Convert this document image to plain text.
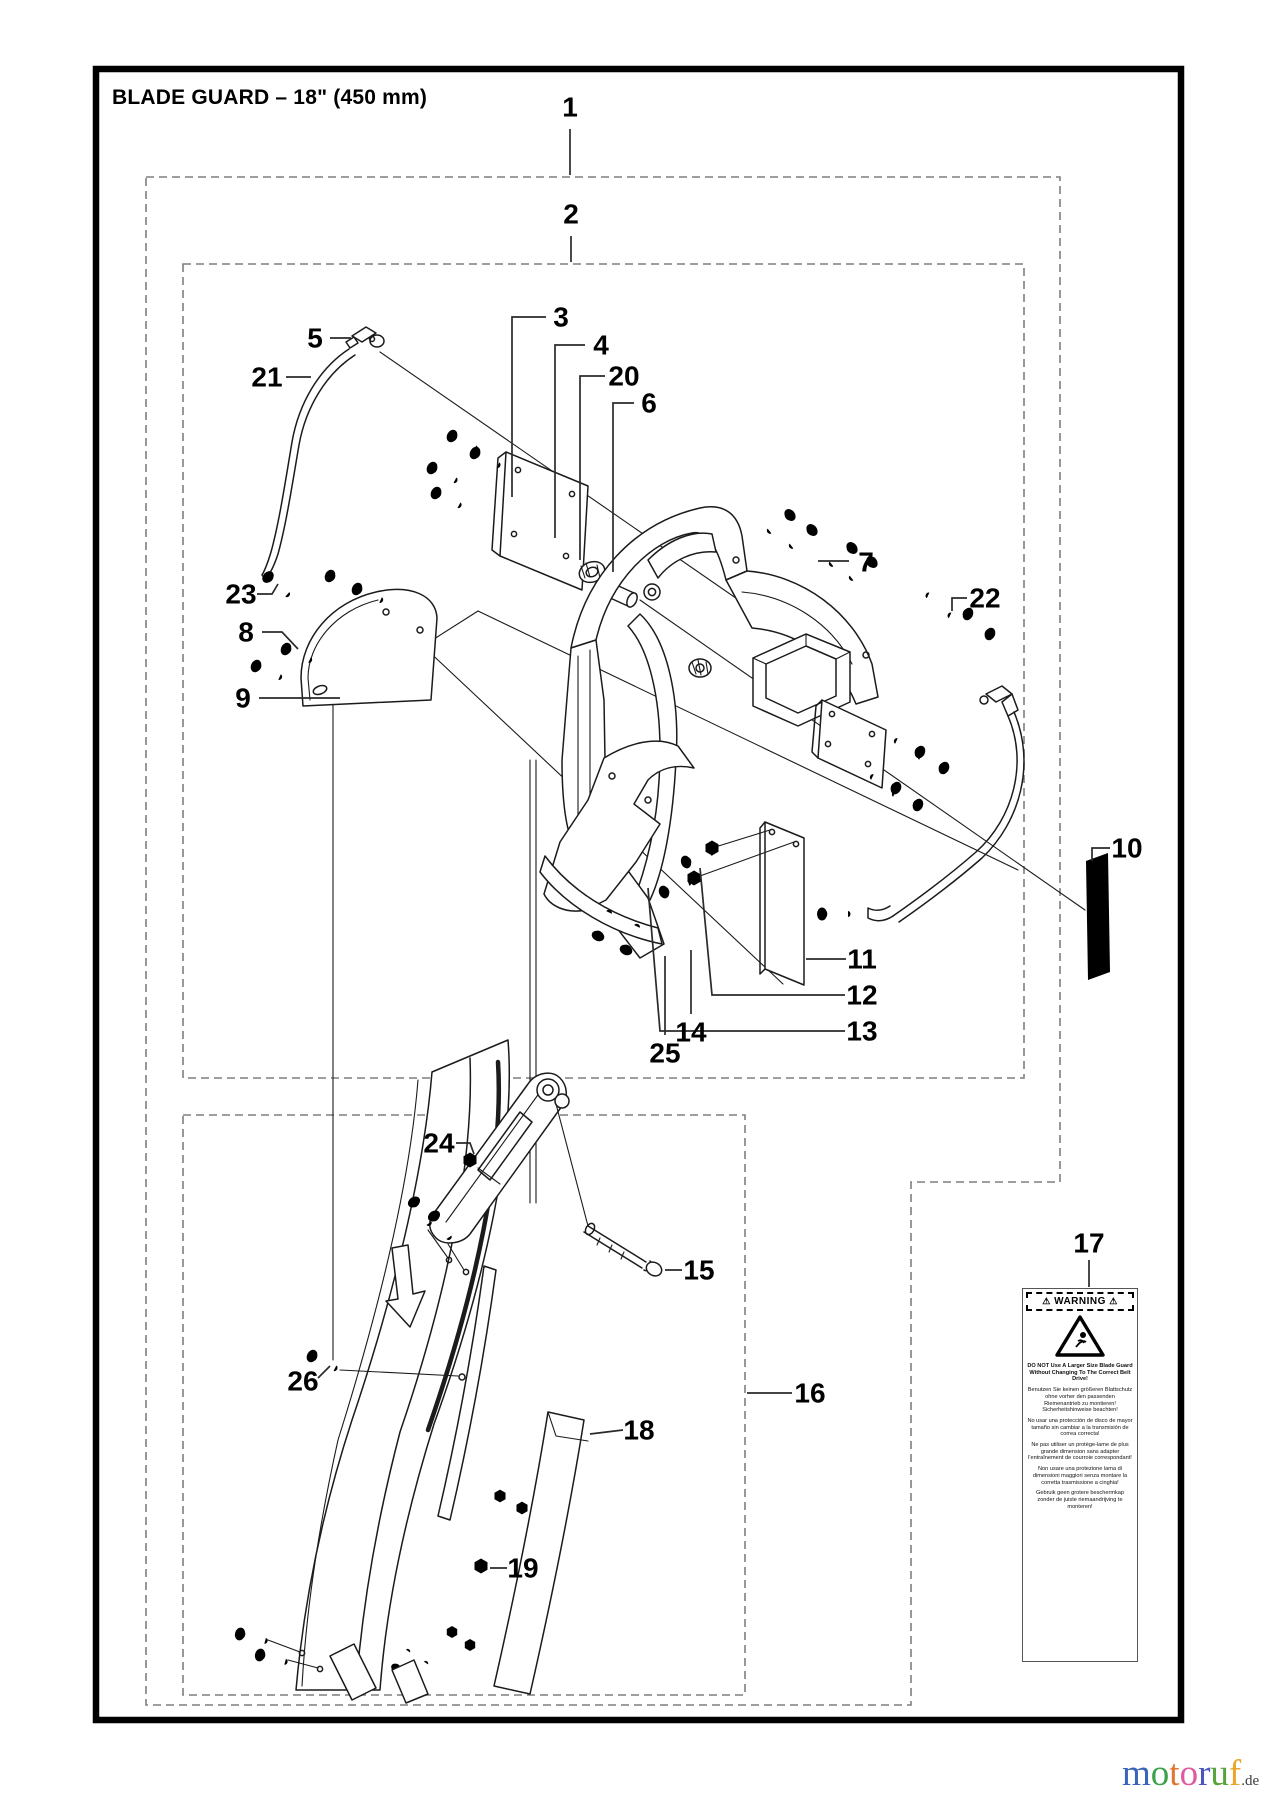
BLADE GUARD – 18" (450 mm)	1
2
3
4
20
6
5
21
23
8
9
7
22
10
11
12
13
14
25
24
15
16
26
18
19
17
⚠ WARNING ⚠

DO NOT Use A Larger Size Blade Guard Without Changing To The Correct Belt Drive!

Benutzen Sie keinen größeren Blattschutz ohne vorher den passenden Riemenantrieb zu montieren! Sicherheitshinweise beachten!

No usar una protección de disco de mayor tamaño sin cambiar a la transmisión de correa correcta!

Ne pas utiliser un protège-lame de plus grande dimension sans adapter l'entraînement de courroie correspondant!

Non usare una protezione lama di dimensioni maggiori senza montare la corretta trasmissione a cinghia!

Gebruik geen grotere beschermkap zonder de juiste riemaandrijving te monteren!

motoruf.de
